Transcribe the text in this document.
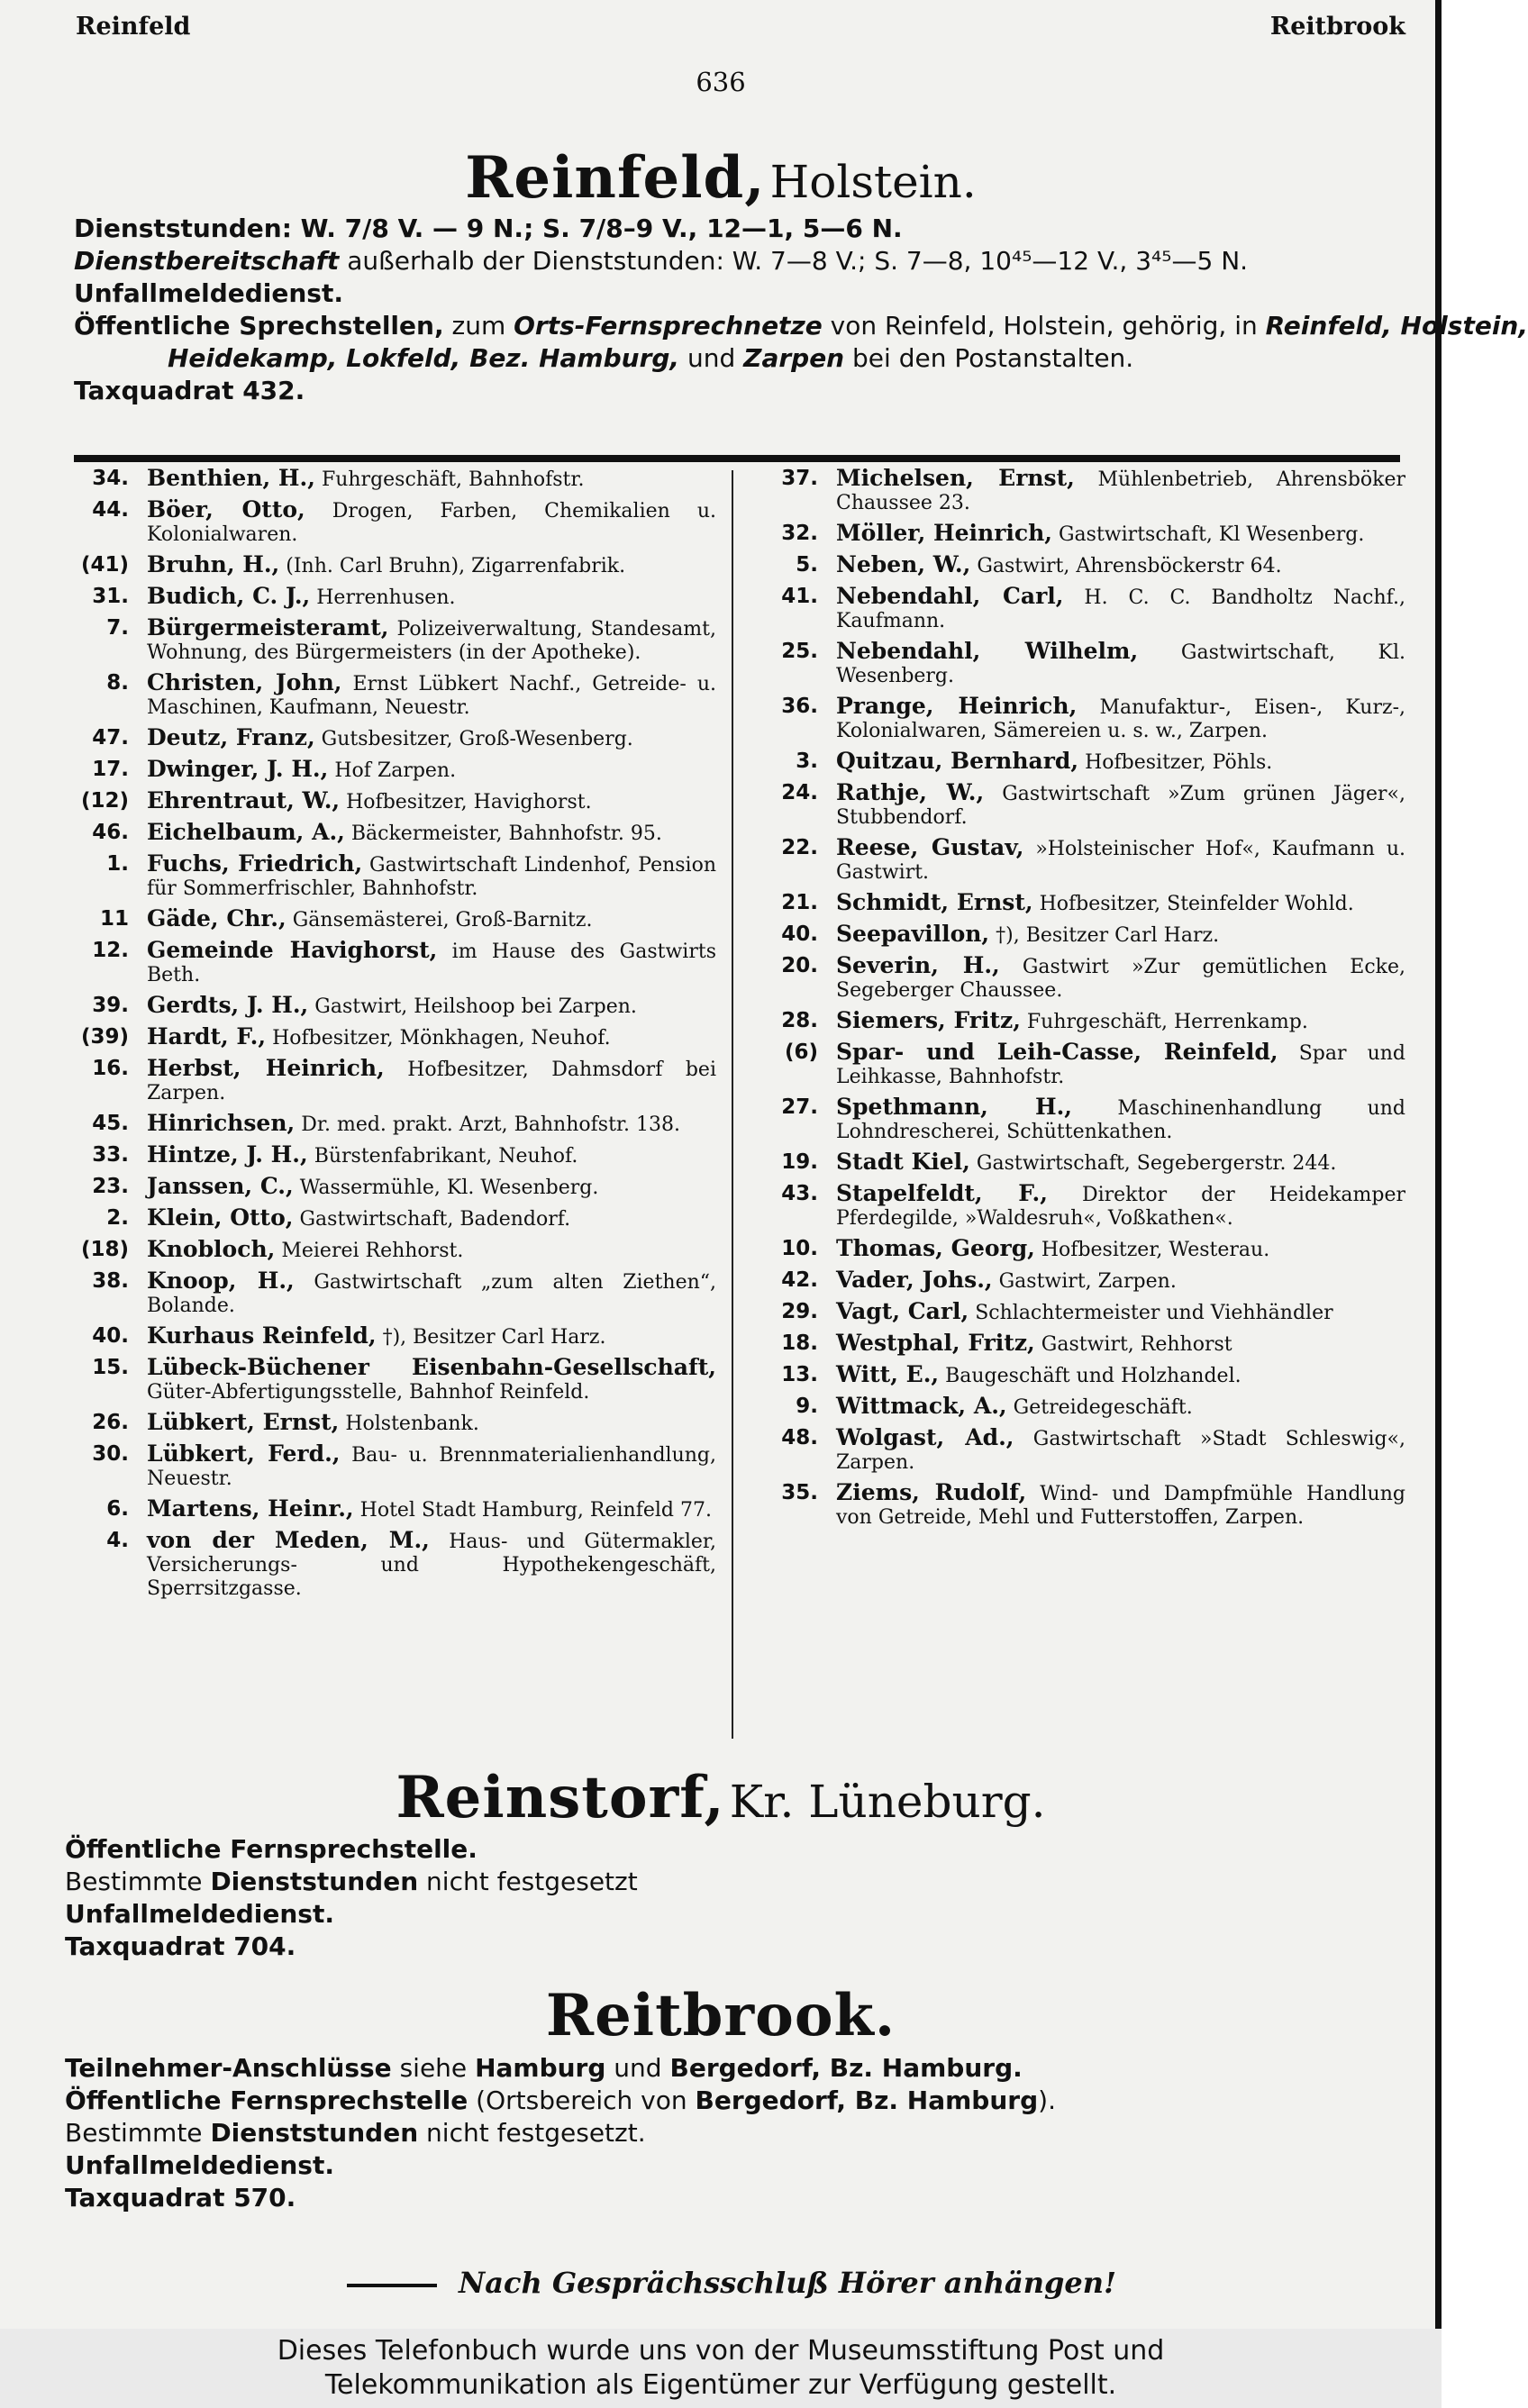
Reinfeld	Reitbrook
636
Reinfeld, Holstein.
Dienststunden: W. 7/8 V. — 9 N.; S. 7/8–9 V., 12—1, 5—6 N.
Dienstbereitschaft außerhalb der Dienststunden: W. 7—8 V.; S. 7—8, 10⁴⁵—12 V., 3⁴⁵—5 N.
Unfallmeldedienst.
Öffentliche Sprechstellen, zum Orts-Fernsprechnetze von Reinfeld, Holstein, gehörig, in Reinfeld, Holstein,
Heidekamp, Lokfeld, Bez. Hamburg, und Zarpen bei den Postanstalten.
Taxquadrat 432.
34. Benthien, H., Fuhrgeschäft, Bahnhofstr.
44. Böer, Otto, Drogen, Farben, Chemikalien u. Kolonialwaren.
(41) Bruhn, H., (Inh. Carl Bruhn), Zigarrenfabrik.
31. Budich, C. J., Herrenhusen.
7. Bürgermeisteramt, Polizeiverwaltung, Standesamt, Wohnung, des Bürgermeisters (in der Apotheke).
8. Christen, John, Ernst Lübkert Nachf., Getreide- u. Maschinen, Kaufmann, Neuestr.
47. Deutz, Franz, Gutsbesitzer, Groß-Wesenberg.
17. Dwinger, J. H., Hof Zarpen.
(12) Ehrentraut, W., Hofbesitzer, Havighorst.
46. Eichelbaum, A., Bäckermeister, Bahnhofstr. 95.
1. Fuchs, Friedrich, Gastwirtschaft Lindenhof, Pension für Sommerfrischler, Bahnhofstr.
11 Gäde, Chr., Gänsemästerei, Groß-Barnitz.
12. Gemeinde Havighorst, im Hause des Gastwirts Beth.
39. Gerdts, J. H., Gastwirt, Heilshoop bei Zarpen.
(39) Hardt, F., Hofbesitzer, Mönkhagen, Neuhof.
16. Herbst, Heinrich, Hofbesitzer, Dahmsdorf bei Zarpen.
45. Hinrichsen, Dr. med. prakt. Arzt, Bahnhofstr. 138.
33. Hintze, J. H., Bürstenfabrikant, Neuhof.
23. Janssen, C., Wassermühle, Kl. Wesenberg.
2. Klein, Otto, Gastwirtschaft, Badendorf.
(18) Knobloch, Meierei Rehhorst.
38. Knoop, H., Gastwirtschaft „zum alten Ziethen“, Bolande.
40. Kurhaus Reinfeld, †), Besitzer Carl Harz.
15. Lübeck-Büchener Eisenbahn-Gesellschaft, Güter-Abfertigungsstelle, Bahnhof Reinfeld.
26. Lübkert, Ernst, Holstenbank.
30. Lübkert, Ferd., Bau- u. Brennmaterialienhandlung, Neuestr.
6. Martens, Heinr., Hotel Stadt Hamburg, Reinfeld 77.
4. von der Meden, M., Haus- und Gütermakler, Versicherungs- und Hypothekengeschäft, Sperrsitzgasse.
37. Michelsen, Ernst, Mühlenbetrieb, Ahrensböker Chaussee 23.
32. Möller, Heinrich, Gastwirtschaft, Kl Wesenberg.
5. Neben, W., Gastwirt, Ahrensböckerstr 64.
41. Nebendahl, Carl, H. C. C. Bandholtz Nachf., Kaufmann.
25. Nebendahl, Wilhelm, Gastwirtschaft, Kl. Wesenberg.
36. Prange, Heinrich, Manufaktur-, Eisen-, Kurz-, Kolonialwaren, Sämereien u. s. w., Zarpen.
3. Quitzau, Bernhard, Hofbesitzer, Pöhls.
24. Rathje, W., Gastwirtschaft »Zum grünen Jäger«, Stubbendorf.
22. Reese, Gustav, »Holsteinischer Hof«, Kaufmann u. Gastwirt.
21. Schmidt, Ernst, Hofbesitzer, Steinfelder Wohld.
40. Seepavillon, †), Besitzer Carl Harz.
20. Severin, H., Gastwirt »Zur gemütlichen Ecke, Segeberger Chaussee.
28. Siemers, Fritz, Fuhrgeschäft, Herrenkamp.
(6) Spar- und Leih-Casse, Reinfeld, Spar und Leihkasse, Bahnhofstr.
27. Spethmann, H., Maschinenhandlung und Lohndrescherei, Schüttenkathen.
19. Stadt Kiel, Gastwirtschaft, Segebergerstr. 244.
43. Stapelfeldt, F., Direktor der Heidekamper Pferdegilde, »Waldesruh«, Voßkathen«.
10. Thomas, Georg, Hofbesitzer, Westerau.
42. Vader, Johs., Gastwirt, Zarpen.
29. Vagt, Carl, Schlachtermeister und Viehhändler
18. Westphal, Fritz, Gastwirt, Rehhorst
13. Witt, E., Baugeschäft und Holzhandel.
9. Wittmack, A., Getreidegeschäft.
48. Wolgast, Ad., Gastwirtschaft »Stadt Schleswig«, Zarpen.
35. Ziems, Rudolf, Wind- und Dampfmühle Handlung von Getreide, Mehl und Futterstoffen, Zarpen.
Reinstorf, Kr. Lüneburg.
Öffentliche Fernsprechstelle.
Bestimmte Dienststunden nicht festgesetzt
Unfallmeldedienst.
Taxquadrat 704.
Reitbrook.
Teilnehmer-Anschlüsse siehe Hamburg und Bergedorf, Bz. Hamburg.
Öffentliche Fernsprechstelle (Ortsbereich von Bergedorf, Bz. Hamburg).
Bestimmte Dienststunden nicht festgesetzt.
Unfallmeldedienst.
Taxquadrat 570.
Nach Gesprächsschluß Hörer anhängen!
Dieses Telefonbuch wurde uns von der Museumsstiftung Post und
Telekommunikation als Eigentümer zur Verfügung gestellt.
